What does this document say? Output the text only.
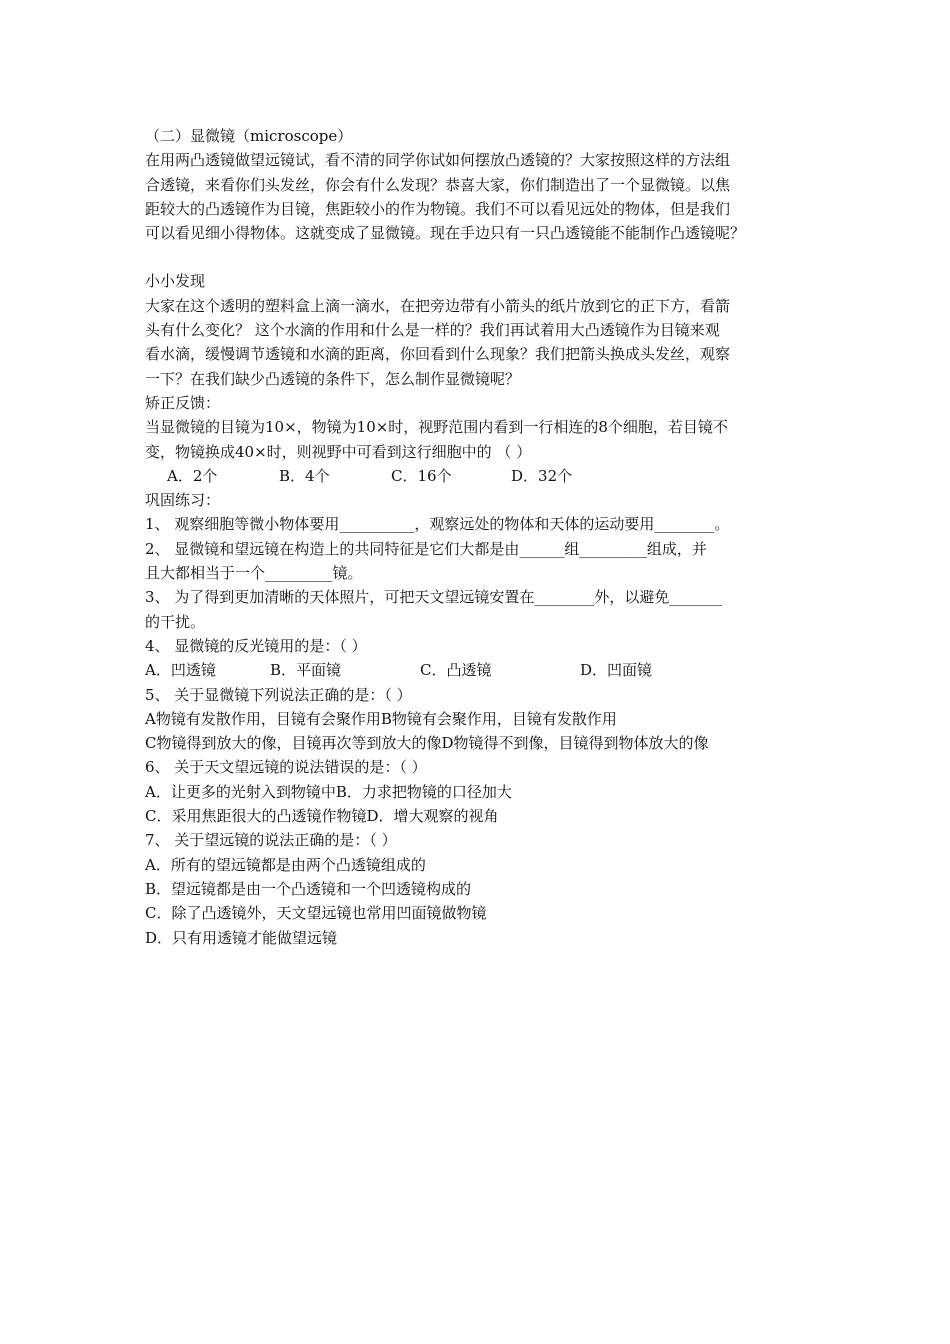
（二）显微镜（microscope）
在用两凸透镜做望远镜试，看不清的同学你试如何摆放凸透镜的？大家按照这样的方法组
合透镜，来看你们头发丝，你会有什么发现？恭喜大家，你们制造出了一个显微镜。以焦
距较大的凸透镜作为目镜，焦距较小的作为物镜。我们不可以看见远处的物体，但是我们
可以看见细小得物体。这就变成了显微镜。现在手边只有一只凸透镜能不能制作凸透镜呢？
小小发现
大家在这个透明的塑料盒上滴一滴水，在把旁边带有小箭头的纸片放到它的正下方，看箭
头有什么变化？ 这个水滴的作用和什么是一样的？我们再试着用大凸透镜作为目镜来观
看水滴，缓慢调节透镜和水滴的距离，你回看到什么现象？我们把箭头换成头发丝，观察
一下？在我们缺少凸透镜的条件下，怎么制作显微镜呢？
矫正反馈：
当显微镜的目镜为10×，物镜为10×时，视野范围内看到一行相连的8个细胞，若目镜不
变，物镜换成40×时，则视野中可看到这行细胞中的 （ ）
A．2个	B．4个	C．16个	D．32个
巩固练习：
1、 观察细胞等微小物体要用__________，观察远处的物体和天体的运动要用________。
2、 显微镜和望远镜在构造上的共同特征是它们大都是由______组_________组成，并
且大都相当于一个_________镜。
3、 为了得到更加清晰的天体照片，可把天文望远镜安置在________外，以避免_______
的干扰。
4、 显微镜的反光镜用的是：（ ）
A．凹透镜	B．平面镜	C．凸透镜	D．凹面镜
5、 关于显微镜下列说法正确的是：（ ）
A物镜有发散作用，目镜有会聚作用B物镜有会聚作用，目镜有发散作用
C物镜得到放大的像，目镜再次等到放大的像D物镜得不到像，目镜得到物体放大的像
6、 关于天文望远镜的说法错误的是：（ ）
A．让更多的光射入到物镜中B．力求把物镜的口径加大
C．采用焦距很大的凸透镜作物镜D．增大观察的视角
7、 关于望远镜的说法正确的是：（ ）
A．所有的望远镜都是由两个凸透镜组成的
B．望远镜都是由一个凸透镜和一个凹透镜构成的
C．除了凸透镜外，天文望远镜也常用凹面镜做物镜
D．只有用透镜才能做望远镜
